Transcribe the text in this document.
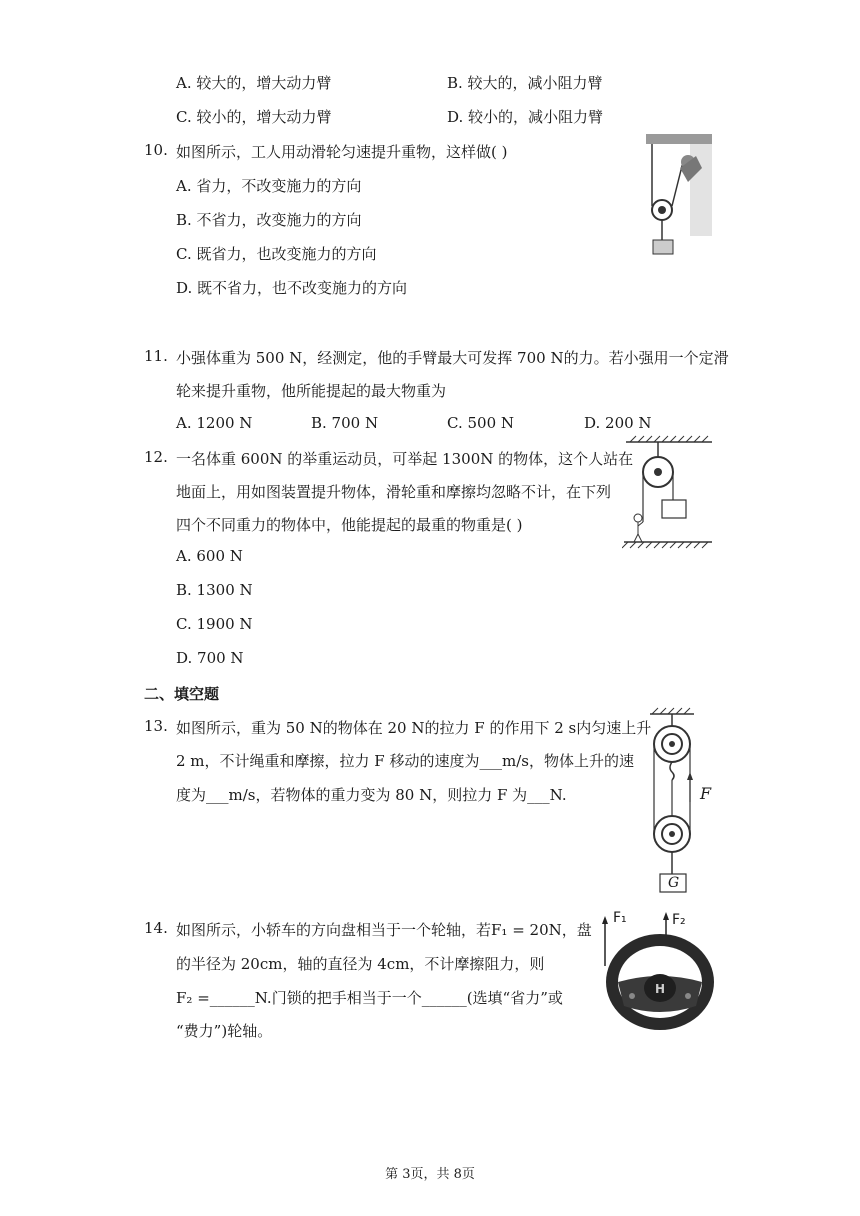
A. 较大的，增大动力臂	B. 较大的，减小阻力臂
C. 较小的，增大动力臂	D. 较小的，减小阻力臂
10. 如图所示，工人用动滑轮匀速提升重物，这样做( )
A. 省力，不改变施力的方向
B. 不省力，改变施力的方向
C. 既省力，也改变施力的方向
D. 既不省力，也不改变施力的方向
11. 小强体重为 500 N，经测定，他的手臂最大可发挥 700 N的力。若小强用一个定滑
轮来提升重物，他所能提起的最大物重为
A. 1200 N	B. 700 N	C. 500 N	D. 200 N
12. 一名体重 600N 的举重运动员，可举起 1300N 的物体，这个人站在
地面上，用如图装置提升物体，滑轮重和摩擦均忽略不计，在下列
四个不同重力的物体中，他能提起的最重的物重是( )
A. 600 N
B. 1300 N
C. 1900 N
D. 700 N
二、填空题
13. 如图所示，重为 50 N的物体在 20 N的拉力 F 的作用下 2 s内匀速上升
2 m，不计绳重和摩擦，拉力 F 移动的速度为___m/s，物体上升的速
度为___m/s，若物体的重力变为 80 N，则拉力 F 为___N.	F
G
14. 如图所示，小轿车的方向盘相当于一个轮轴，若F₁ = 20N，盘
的半径为 20cm，轴的直径为 4cm，不计摩擦阻力，则
F₂ =______N.门锁的把手相当于一个______(选填“省力”或
“费力”)轮轴。
H
F₁	F₂
第 3页，共 8页
